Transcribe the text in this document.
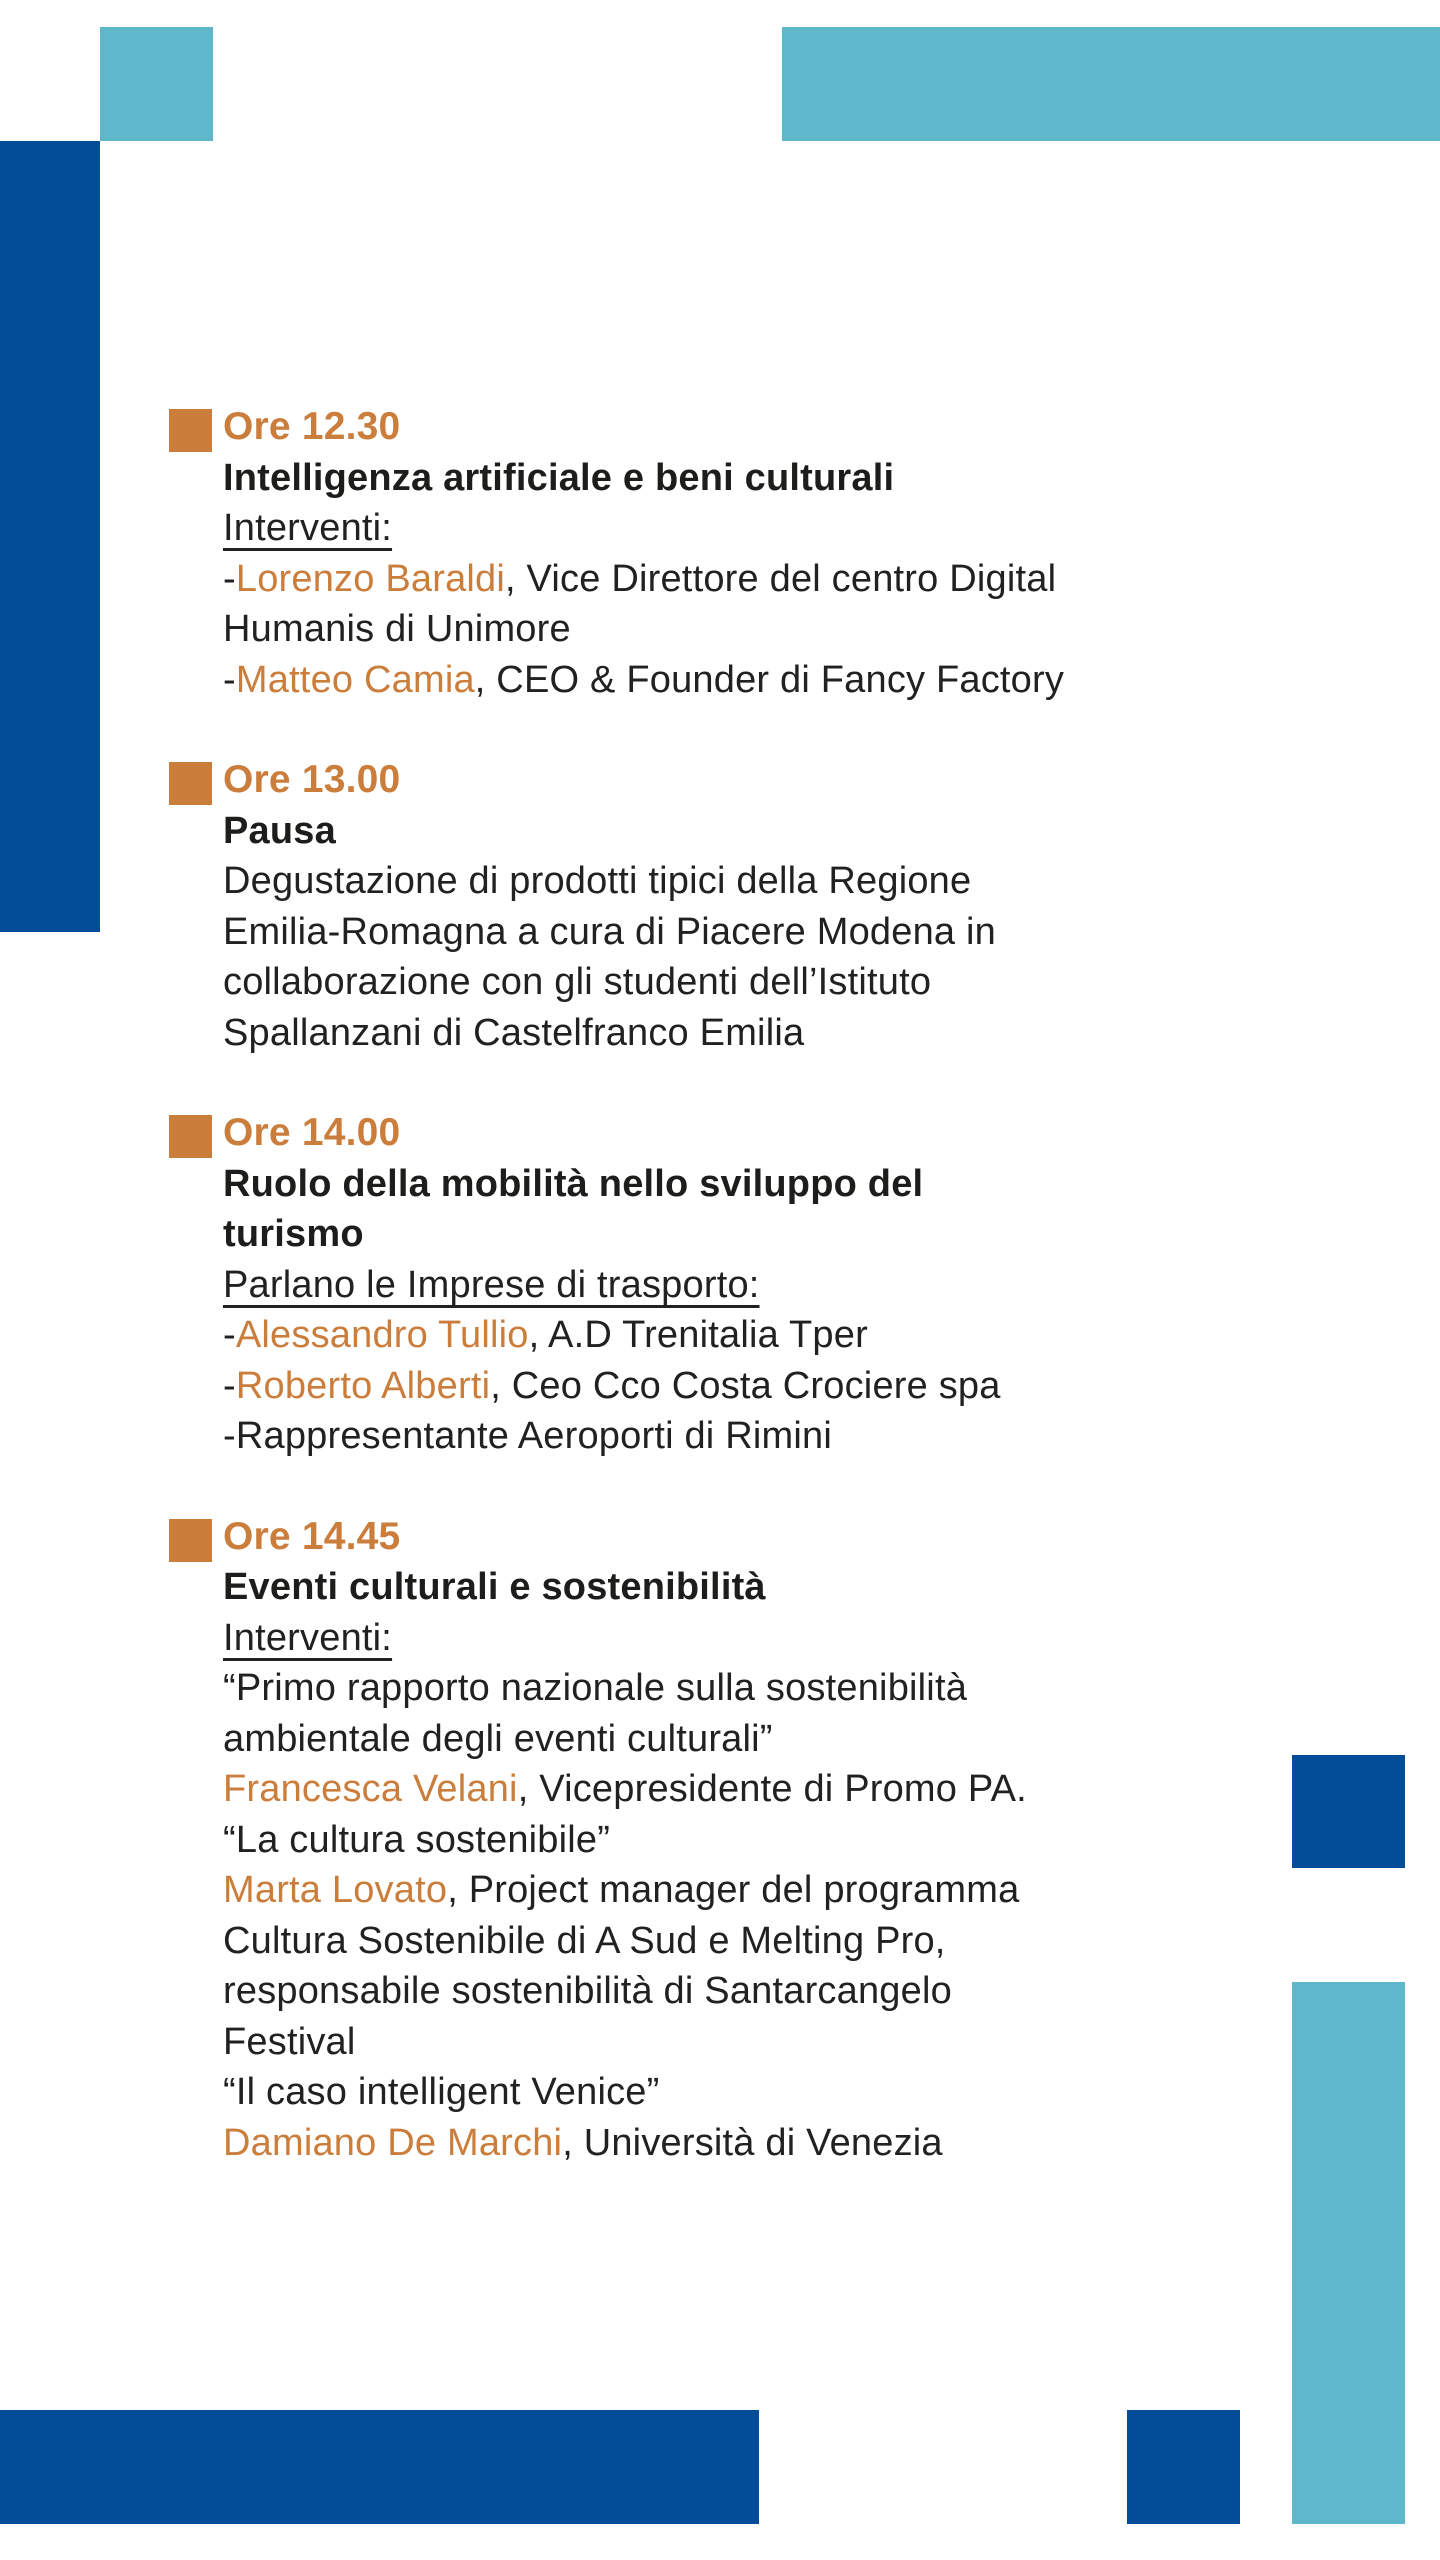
Ore 12.30

Intelligenza artificiale e beni culturali

Interventi:

-Lorenzo Baraldi, Vice Direttore del centro Digital

Humanis di Unimore

-Matteo Camia, CEO & Founder di Fancy Factory

Ore 13.00

Pausa

Degustazione di prodotti tipici della Regione

Emilia-Romagna a cura di Piacere Modena in

collaborazione con gli studenti dell’Istituto

Spallanzani di Castelfranco Emilia

Ore 14.00

Ruolo della mobilità nello sviluppo del

turismo

Parlano le Imprese di trasporto:

-Alessandro Tullio, A.D Trenitalia Tper

-Roberto Alberti, Ceo Cco Costa Crociere spa

-Rappresentante Aeroporti di Rimini

Ore 14.45

Eventi culturali e sostenibilità

Interventi:

“Primo rapporto nazionale sulla sostenibilità

ambientale degli eventi culturali”

Francesca Velani, Vicepresidente di Promo PA.

“La cultura sostenibile”

Marta Lovato, Project manager del programma

Cultura Sostenibile di A Sud e Melting Pro,

responsabile sostenibilità di Santarcangelo

Festival

“Il caso intelligent Venice”

Damiano De Marchi, Università di Venezia
